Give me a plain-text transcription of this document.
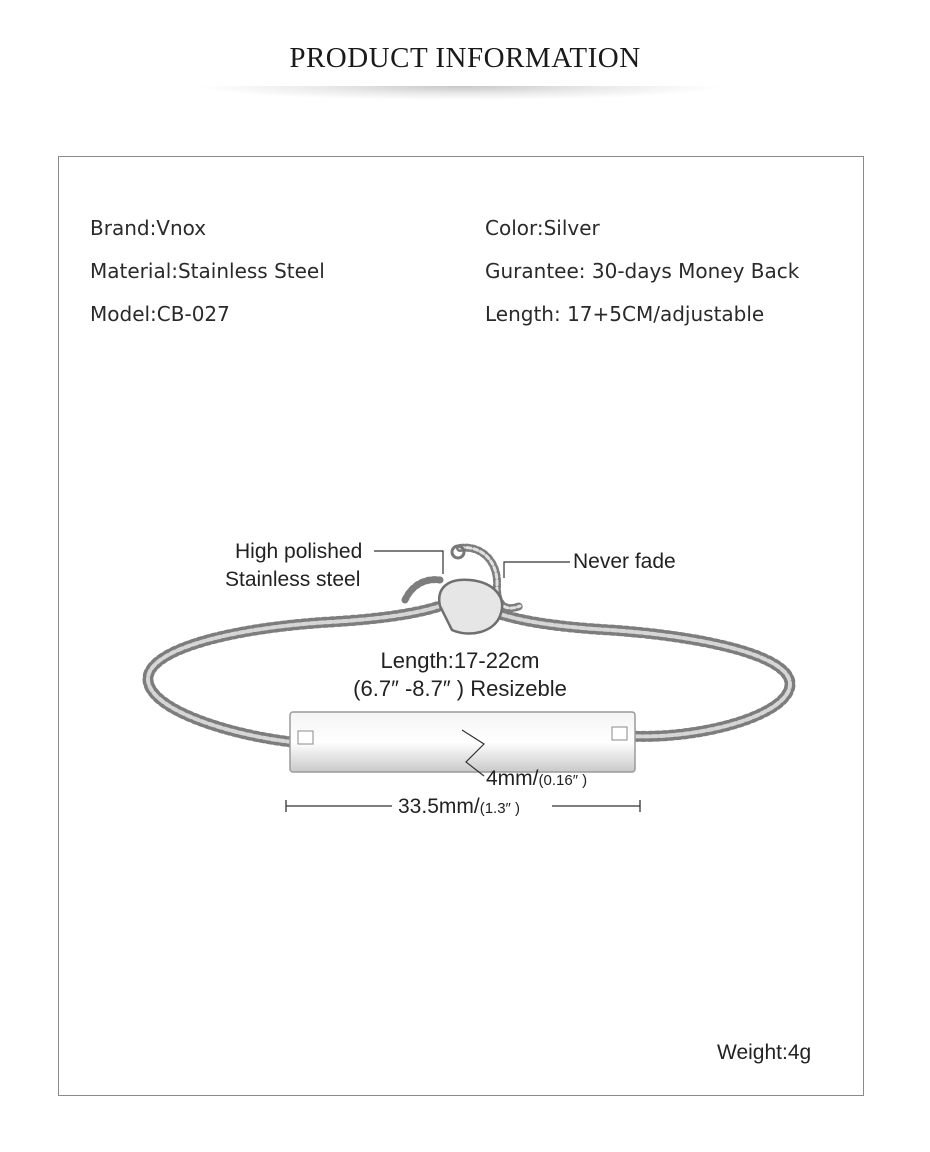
PRODUCT INFORMATION
Brand:Vnox
Material:Stainless Steel
Model:CB-027
Color:Silver
Gurantee: 30-days Money Back
Length: 17+5CM/adjustable
High polished
Stainless steel
Never fade
Length:17-22cm
(6.7″ -8.7″ ) Resizeble
4mm/(0.16″ )
33.5mm/(1.3″ )
Weight:4g
